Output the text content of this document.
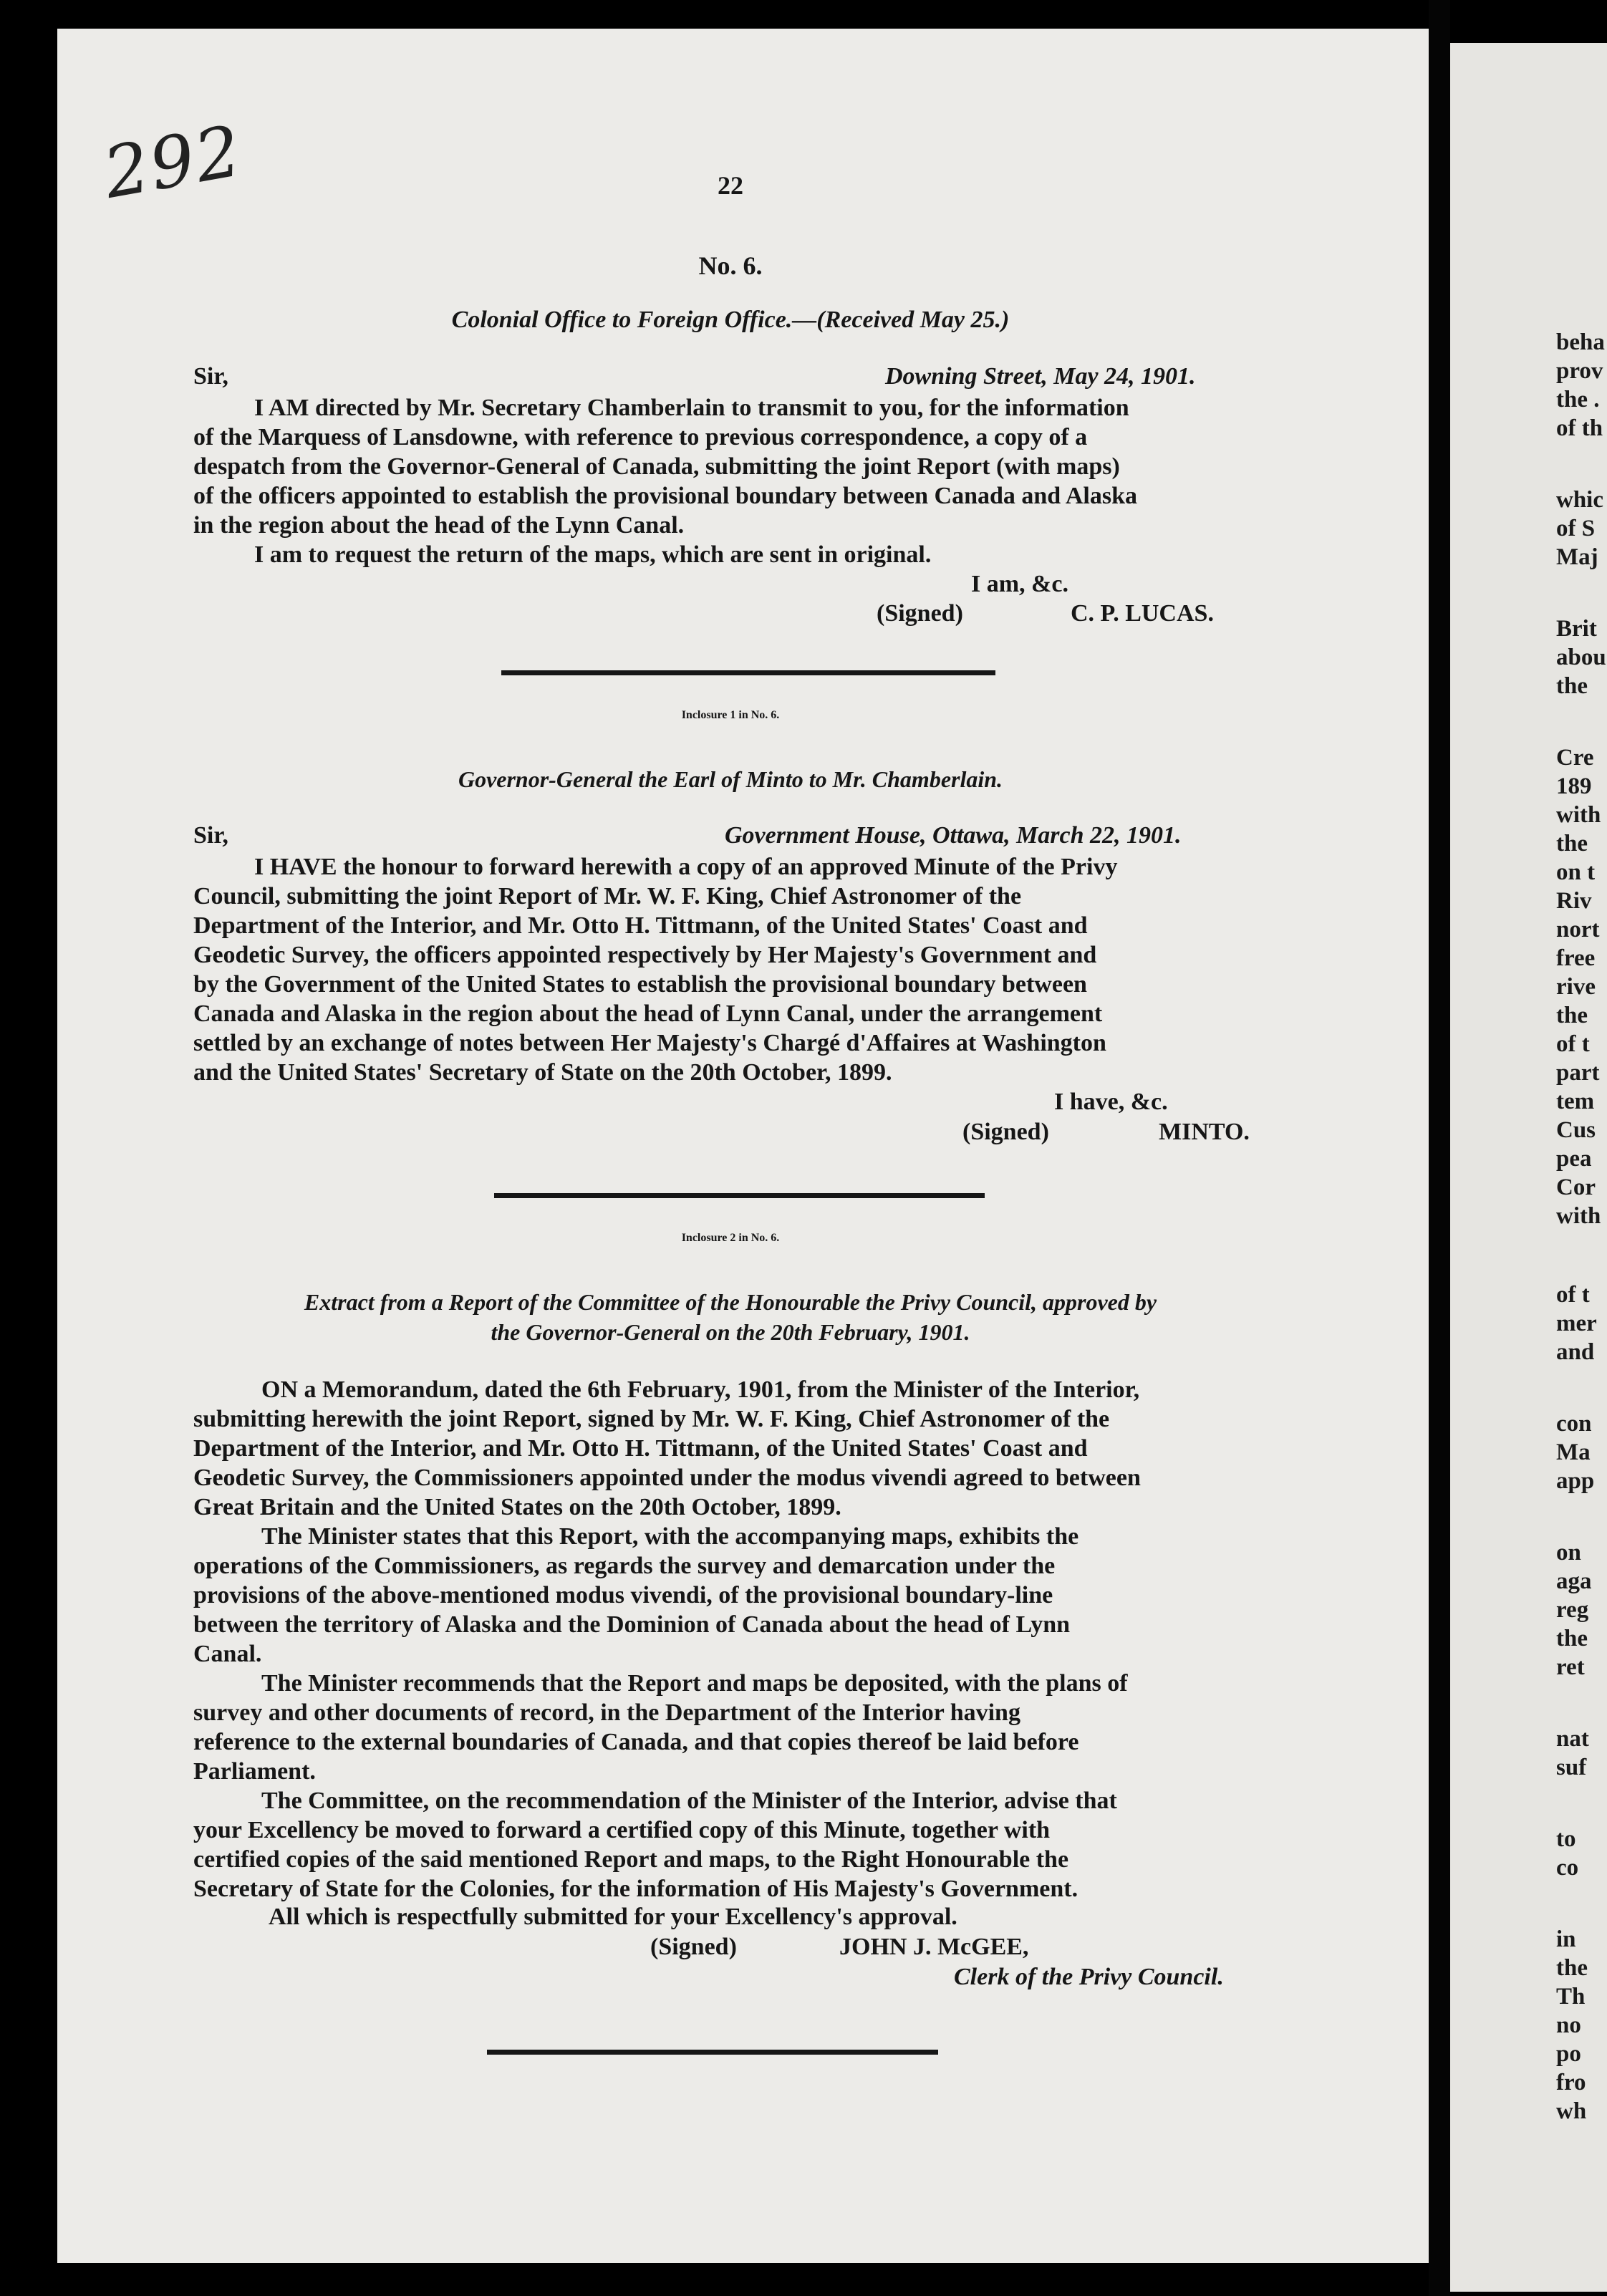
292	22
No. 6.
Colonial Office to Foreign Office.—(Received May 25.)
Sir,	Downing Street, May 24, 1901.
I AM directed by Mr. Secretary Chamberlain to transmit to you, for the information
of the Marquess of Lansdowne, with reference to previous correspondence, a copy of a
despatch from the Governor-General of Canada, submitting the joint Report (with maps)
of the officers appointed to establish the provisional boundary between Canada and Alaska
in the region about the head of the Lynn Canal.
I am to request the return of the maps, which are sent in original.
I am, &c.
(Signed)	C. P. LUCAS.
Inclosure 1 in No. 6.
Governor-General the Earl of Minto to Mr. Chamberlain.
Sir,	Government House, Ottawa, March 22, 1901.
I HAVE the honour to forward herewith a copy of an approved Minute of the Privy
Council, submitting the joint Report of Mr. W. F. King, Chief Astronomer of the
Department of the Interior, and Mr. Otto H. Tittmann, of the United States' Coast and
Geodetic Survey, the officers appointed respectively by Her Majesty's Government and
by the Government of the United States to establish the provisional boundary between
Canada and Alaska in the region about the head of Lynn Canal, under the arrangement
settled by an exchange of notes between Her Majesty's Chargé d'Affaires at Washington
and the United States' Secretary of State on the 20th October, 1899.
I have, &c.
(Signed)	MINTO.
Inclosure 2 in No. 6.
Extract from a Report of the Committee of the Honourable the Privy Council, approved by
the Governor-General on the 20th February, 1901.
ON a Memorandum, dated the 6th February, 1901, from the Minister of the Interior,
submitting herewith the joint Report, signed by Mr. W. F. King, Chief Astronomer of the
Department of the Interior, and Mr. Otto H. Tittmann, of the United States' Coast and
Geodetic Survey, the Commissioners appointed under the modus vivendi agreed to between
Great Britain and the United States on the 20th October, 1899.
The Minister states that this Report, with the accompanying maps, exhibits the
operations of the Commissioners, as regards the survey and demarcation under the
provisions of the above-mentioned modus vivendi, of the provisional boundary-line
between the territory of Alaska and the Dominion of Canada about the head of Lynn
Canal.
The Minister recommends that the Report and maps be deposited, with the plans of
survey and other documents of record, in the Department of the Interior having
reference to the external boundaries of Canada, and that copies thereof be laid before
Parliament.
The Committee, on the recommendation of the Minister of the Interior, advise that
your Excellency be moved to forward a certified copy of this Minute, together with
certified copies of the said mentioned Report and maps, to the Right Honourable the
Secretary of State for the Colonies, for the information of His Majesty's Government.
All which is respectfully submitted for your Excellency's approval.
(Signed)	JOHN J. McGEE,
Clerk of the Privy Council.
beha
prov
the .
of th
whic
of S
Maj
Brit
abou
the
Cre
189
with
the
on t
Riv
nort
free
rive
the
of t
part
tem
Cus
pea
Cor
with
of t
mer
and
con
Ma
app
on
aga
reg
the
ret
nat
suf
to
co
in
the
Th
no
po
fro
wh
